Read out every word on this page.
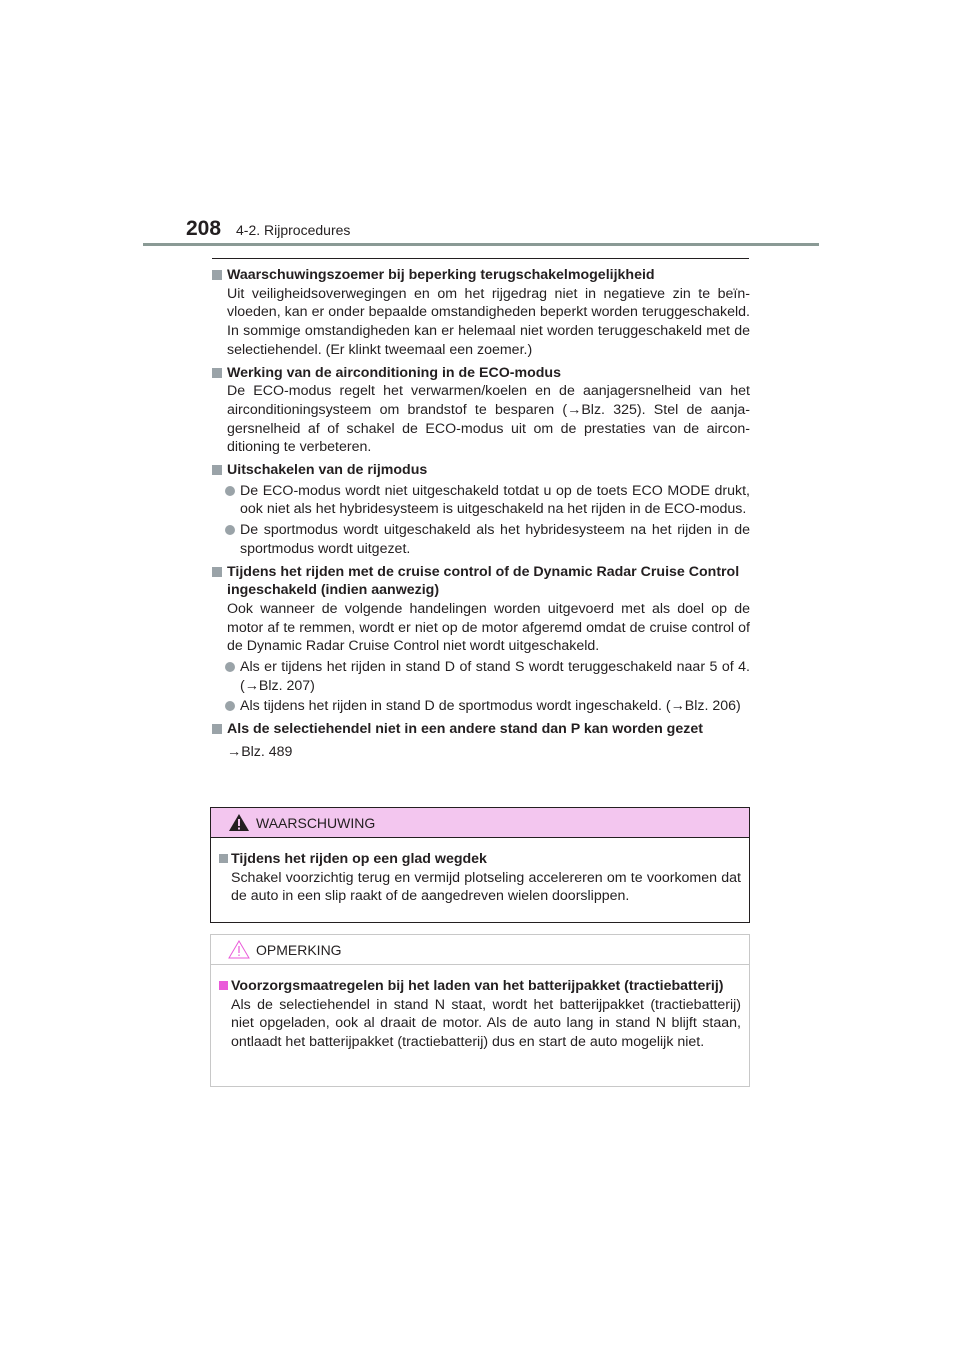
208 4-2. Rijprocedures
Waarschuwingszoemer bij beperking terugschakelmogelijkheid
Uit veiligheidsoverwegingen en om het rijgedrag niet in negatieve zin te beïnvloeden, kan er onder bepaalde omstandigheden beperkt worden teruggeschakeld. In sommige omstandigheden kan er helemaal niet worden teruggeschakeld met de selectiehendel. (Er klinkt tweemaal een zoemer.)
Werking van de airconditioning in de ECO-modus
De ECO-modus regelt het verwarmen/koelen en de aanjagersnelheid van het airconditioningsysteem om brandstof te besparen (→Blz. 325). Stel de aanjagersnelheid af of schakel de ECO-modus uit om de prestaties van de airconditioning te verbeteren.
Uitschakelen van de rijmodus
De ECO-modus wordt niet uitgeschakeld totdat u op de toets ECO MODE drukt, ook niet als het hybridesysteem is uitgeschakeld na het rijden in de ECO-modus.
De sportmodus wordt uitgeschakeld als het hybridesysteem na het rijden in de sportmodus wordt uitgezet.
Tijdens het rijden met de cruise control of de Dynamic Radar Cruise Control ingeschakeld (indien aanwezig)
Ook wanneer de volgende handelingen worden uitgevoerd met als doel op de motor af te remmen, wordt er niet op de motor afgeremd omdat de cruise control of de Dynamic Radar Cruise Control niet wordt uitgeschakeld.
Als er tijdens het rijden in stand D of stand S wordt teruggeschakeld naar 5 of 4. (→Blz. 207)
Als tijdens het rijden in stand D de sportmodus wordt ingeschakeld. (→Blz. 206)
Als de selectiehendel niet in een andere stand dan P kan worden gezet
→Blz. 489
WAARSCHUWING
Tijdens het rijden op een glad wegdek
Schakel voorzichtig terug en vermijd plotseling accelereren om te voorkomen dat de auto in een slip raakt of de aangedreven wielen doorslippen.
OPMERKING
Voorzorgsmaatregelen bij het laden van het batterijpakket (tractiebatterij)
Als de selectiehendel in stand N staat, wordt het batterijpakket (tractiebatterij) niet opgeladen, ook al draait de motor. Als de auto lang in stand N blijft staan, ontlaadt het batterijpakket (tractiebatterij) dus en start de auto mogelijk niet.
